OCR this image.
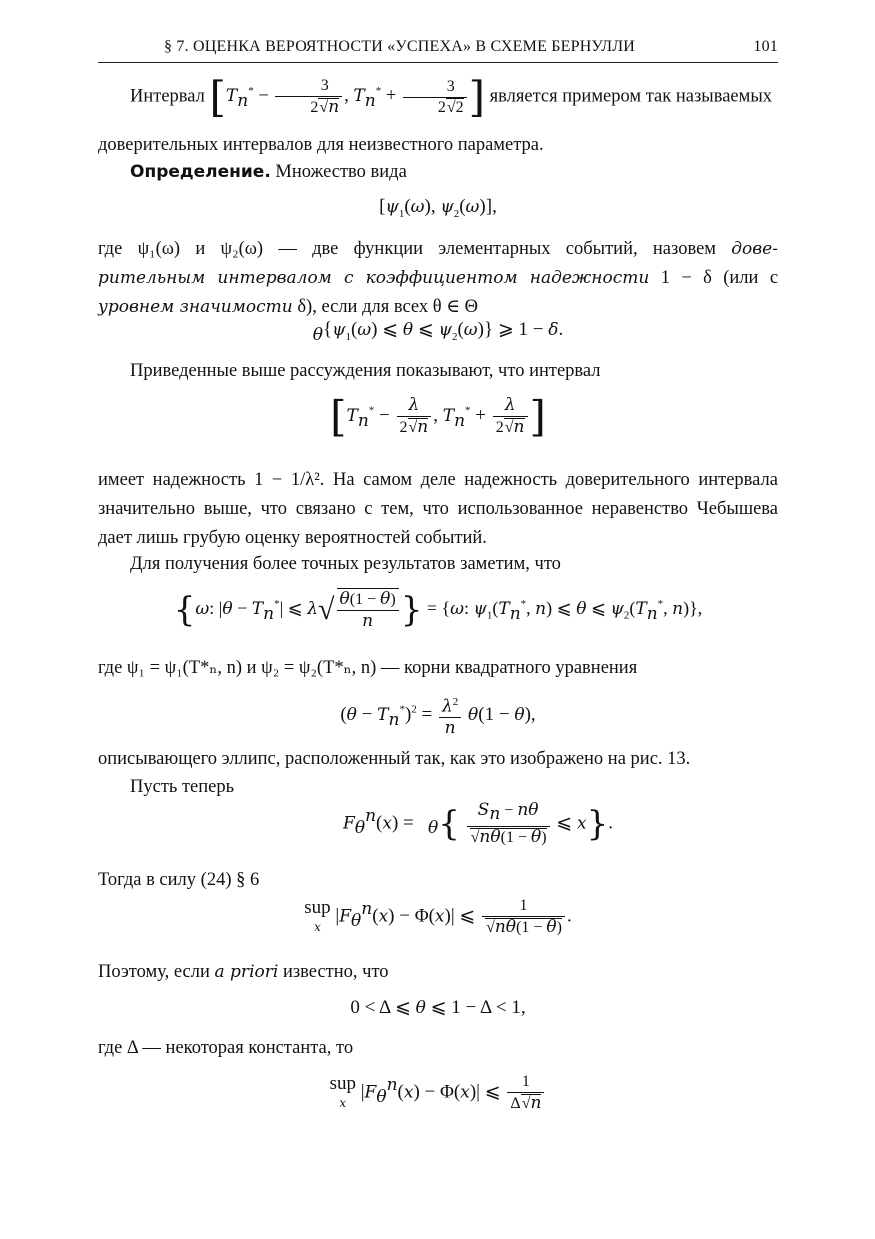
§ 7. ОЦЕНКА ВЕРОЯТНОСТИ «УСПЕХА» В СХЕМЕ БЕРНУЛЛИ	101
Интервал [$T_n^* - \frac{3}{2√n}$ , $T_n^* + \frac{3}{2√2}$ ] является примером так называемых
доверительных интервалов для неизвестного параметра.
Определение. Множество вида
[$\psi_1(\omega)$, $\psi_2(\omega)$],
где ψ₁(ω) и ψ₂(ω) — две функции элементарных событий, назовем дове-рительным интервалом с коэффициентом надежности 1 − δ (или с уровнем значимости δ), если для всех θ ∈ Θ
$_\theta\{\psi_1(\omega)$ ⩽ θ ⩽ $\psi_2(\omega)$} ⩾ 1 − δ.
Приведенные выше рассуждения показывают, что интервал
[$T_n^* - \frac{\lambda}{2√n}$ , $T_n^* + \frac{\lambda}{2√n}$ ]
имеет надежность 1 − 1/λ². На самом деле надежность доверительного интервала значительно выше, что связано с тем, что использованное неравенство Чебышева дает лишь грубую оценку вероятностей событий.
Для получения более точных результатов заметим, что
{ω: $|\theta - T_n^*|$ ⩽ $\lambda√ \frac{\theta(1 - \theta)}{n}$ } = {ω: $\psi_1(T_n^*$, n) ⩽ θ ⩽ $\psi_2(T_n^*$, n)},
где ψ₁ = ψ₁(T*ₙ, n) и ψ₂ = ψ₂(T*ₙ, n) — корни квадратного уравнения
$(\theta - T_n^*)^2 = \frac{\lambda^2}{n} \theta(1 - \theta)$,
описывающего эллипс, расположенный так, как это изображено на рис. 13.
Пусть теперь
$F_\theta^n(x) = _\theta\{ \frac{S_n - n\theta}{√n\theta(1 - \theta)}$ ⩽ x}.
Тогда в силу (24) § 6
sup
x $|F_\theta^n(x) - \Phi(x)|$ ⩽ $\frac{1}{√n\theta(1 - \theta)}$ .
Поэтому, если a priori известно, что
0 < Δ ⩽ θ ⩽ 1 − Δ < 1,
где Δ — некоторая константа, то
sup
x $|F_\theta^n(x) - \Phi(x)|$ ⩽ $\frac{1}{\Delta√n}$
